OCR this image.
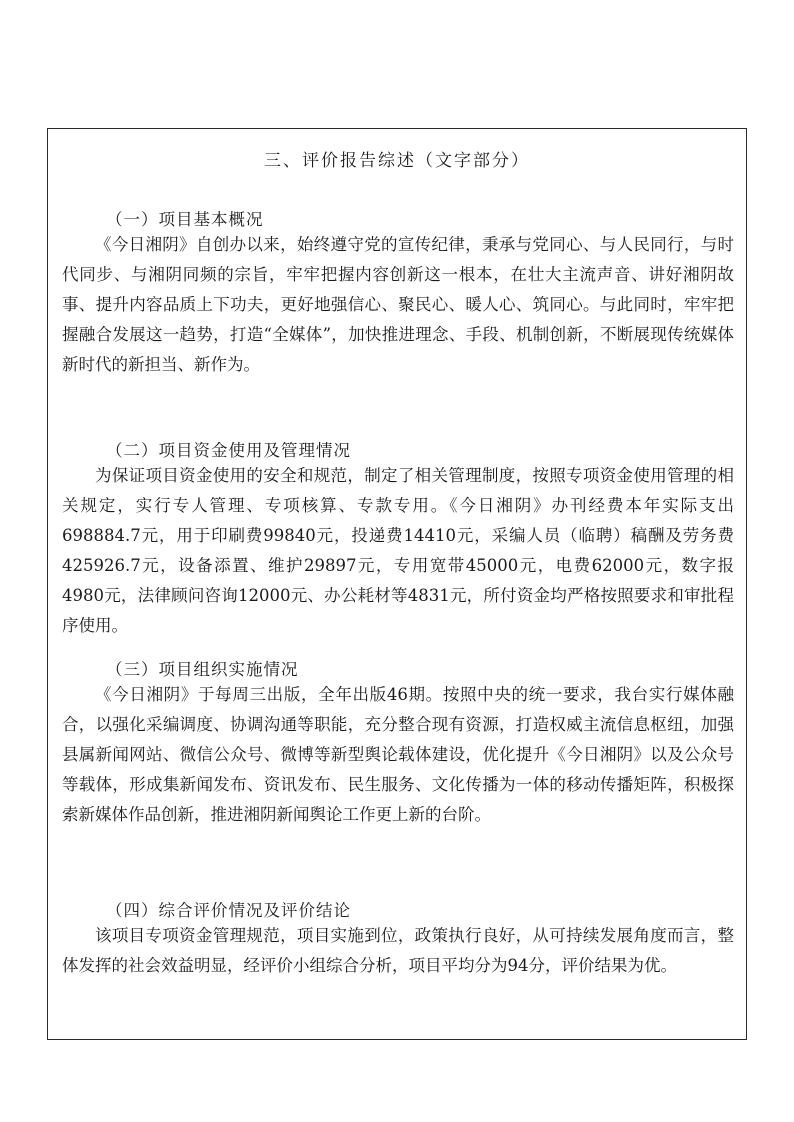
三、评价报告综述（文字部分）
（一）项目基本概况
《今日湘阴》自创办以来，始终遵守党的宣传纪律，秉承与党同心、与人民同行，与时代同步、与湘阴同频的宗旨，牢牢把握内容创新这一根本，在壮大主流声音、讲好湘阴故事、提升内容品质上下功夫，更好地强信心、聚民心、暖人心、筑同心。与此同时，牢牢把握融合发展这一趋势，打造“全媒体”，加快推进理念、手段、机制创新，不断展现传统媒体新时代的新担当、新作为。
（二）项目资金使用及管理情况
为保证项目资金使用的安全和规范，制定了相关管理制度，按照专项资金使用管理的相关规定，实行专人管理、专项核算、专款专用。《今日湘阴》办刊经费本年实际支出698884.7元，用于印刷费99840元，投递费14410元，采编人员（临聘）稿酬及劳务费425926.7元，设备添置、维护29897元，专用宽带45000元，电费62000元，数字报4980元，法律顾问咨询12000元、办公耗材等4831元，所付资金均严格按照要求和审批程序使用。
（三）项目组织实施情况
《今日湘阴》于每周三出版，全年出版46期。按照中央的统一要求，我台实行媒体融合，以强化采编调度、协调沟通等职能，充分整合现有资源，打造权威主流信息枢纽，加强县属新闻网站、微信公众号、微博等新型舆论载体建设，优化提升《今日湘阴》以及公众号等载体，形成集新闻发布、资讯发布、民生服务、文化传播为一体的移动传播矩阵，积极探索新媒体作品创新，推进湘阴新闻舆论工作更上新的台阶。
（四）综合评价情况及评价结论
该项目专项资金管理规范，项目实施到位，政策执行良好，从可持续发展角度而言，整体发挥的社会效益明显，经评价小组综合分析，项目平均分为94分，评价结果为优。
